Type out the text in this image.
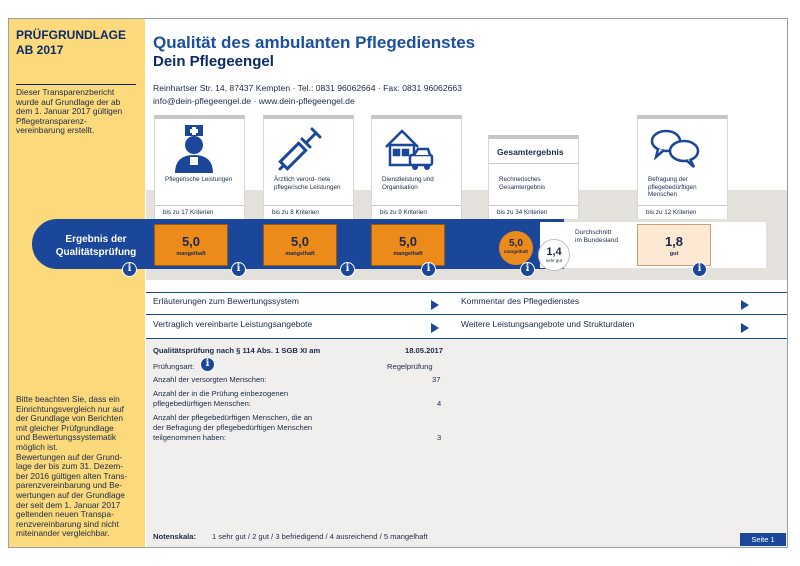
PRÜFGRUNDLAGE
AB 2017
Dieser Transparenzbericht
wurde auf Grundlage der ab
dem 1. Januar 2017 gültigen
Pflegetransparenz-
vereinbarung erstellt.
Bitte beachten Sie, dass ein
Einrichtungsvergleich nur auf
der Grundlage von Berichten
mit gleicher Prüfgrundlage
und Bewertungssystematik
möglich ist.
Bewertungen auf der Grund-
lage der bis zum 31. Dezem-
ber 2016 gültigen alten Trans-
parenzvereinbarung und Be-
wertungen auf der Grundlage
der seit dem 1. Januar 2017
geltenden neuen Transpa-
renzvereinbarung sind nicht
miteinander vergleichbar.
Qualität des ambulanten Pflegedienstes
Dein Pflegeengel
Reinhartser Str. 14, 87437 Kempten · Tel.: 0831 96062664 · Fax: 0831 96062663
info@dein-pflegeengel.de · www.dein-pflegeengel.de
Pflegerische Leistungen
bis zu 17 Kriterien
Ärztlich verord- nete pflegerische Leistungen
bis zu 8 Kriterien
Dienstleistung und Organisation
bis zu 9 Kriterien
Gesamtergebnis
Rechnerisches Gesamtergebnis
bis zu 34 Kriterien
Befragung der pflegebedürftigen Menschen
bis zu 12 Kriterien
Ergebnis der
Qualitätsprüfung
5,0
mangelhaft
5,0
mangelhaft
5,0
mangelhaft
5,0
mangelhaft	1,4
sehr gut
Durchschnitt
im Bundesland	1,8
gut
i	i	i	i	i	i
Erläuterungen zum Bewertungssystem	Kommentar des Pflegedienstes
Vertraglich vereinbarte Leistungsangebote	Weitere Leistungsangebote und Strukturdaten
Qualitätsprüfung nach § 114 Abs. 1 SGB XI am	18.05.2017
Prüfungsart:	i	Regelprüfung
Anzahl der versorgten Menschen:	37
Anzahl der in die Prüfung einbezogenen
pflegebedürftigen Menschen:	4
Anzahl der pflegebedürftigen Menschen, die an
der Befragung der pflegebedürftigen Menschen
teilgenommen haben:	3
Notenskala: 1 sehr gut / 2 gut / 3 befriedigend / 4 ausreichend / 5 mangelhaft	Seite 1
